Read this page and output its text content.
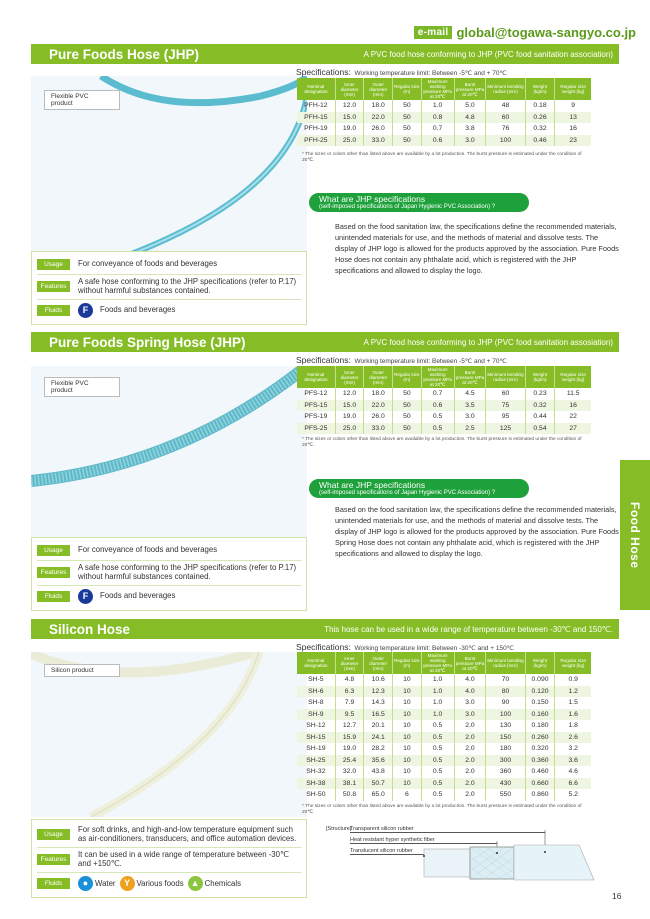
e-mail global@togawa-sangyo.co.jp
Pure Foods Hose (JHP)	A PVC food hose conforming to JHP (PVC food sanitation association)
Flexible PVC product
Usage	For conveyance of foods and beverages
Features
A safe hose conforming to the JHP specifications (refer to P.17) without harmful substances contained.
Fluids	F	Foods and beverages
Specifications: Working temperature limit: Between -5℃ and + 70℃
Nominal designation	Inner diameter (mm)	Outer diameter (mm)	Regular size (m)	Maximum working pressure MPa at 20℃	Burst pressure MPa at 20℃	Minimum bending radius (mm)	Weight (kg/m)	Regular size weight (kg)
PFH-12	12.0	18.0	50	1.0	5.0	48	0.18	9
PFH-15	15.0	22.0	50	0.8	4.8	60	0.26	13
PFH-19	19.0	26.0	50	0.7	3.8	76	0.32	16
PFH-25	25.0	33.0	50	0.6	3.0	100	0.46	23
* The sizes or colors other than listed above are available by a lot production. The burst pressure is estimated under the condition of 20℃.
What are JHP specifications
(self-imposed specifications of Japan Hygienic PVC Association) ?
Based on the food sanitation law, the specifications define the recommended materials, unintended materials for use, and the methods of material and dissolve tests. The display of JHP logo is allowed for the products approved by the association. Pure Foods Hose does not contain any phthalate acid, which is registered with the JHP specifications and allowed to display the logo.
Pure Foods Spring Hose (JHP)	A PVC food hose conforming to JHP (PVC food sanitation assosiation)
Flexible PVC product
Usage	For conveyance of foods and beverages
Features
A safe hose conforming to the JHP specifications (refer to P.17) without harmful substances contained.
Fluids	F	Foods and beverages
Specifications: Working temperature limit: Between -5℃ and + 70℃
Nominal designation	Inner diameter (mm)	Outer diameter (mm)	Regular size (m)	Maximum working pressure MPa at 20℃	Burst pressure MPa at 20℃	Minimum bending radius (mm)	Weight (kg/m)	Regular size weight (kg)
PFS-12	12.0	18.0	50	0.7	4.5	60	0.23	11.5
PFS-15	15.0	22.0	50	0.6	3.5	75	0.32	16
PFS-19	19.0	26.0	50	0.5	3.0	95	0.44	22
PFS-25	25.0	33.0	50	0.5	2.5	125	0.54	27
* The sizes or colors other than listed above are available by a lot production. The burst pressure is estimated under the condition of 20℃.
What are JHP specifications
(self-imposed specifications of Japan Hygienic PVC Association) ?
Based on the food sanitation law, the specifications define the recommended materials, unintended materials for use, and the methods of material and dissolve tests. The display of JHP logo is allowed for the products approved by the association. Pure Foods Spring Hose does not contain any phthalate acid, which is registered with the JHP specifications and allowed to display the logo.	Food Hose
Silicon Hose	This hose can be used in a wide range of temperature between -30℃ and 150℃.
Silicon product
Usage
For soft drinks, and high-and-low temperature equipment such as air-conditioners, transducers, and office automation devices.
Features
It can be used in a wide range of temperature between -30℃ and +150℃.
Fluids	● Water Y Various foods ▲ Chemicals
Specifications: Working temperature limit: Between -30℃ and + 150℃
Nominal designation	Inner diameter (mm)	Outer diameter (mm)	Regular size (m)	Maximum working pressure MPa at 20℃	Burst pressure MPa at 20℃	Minimum bending radius (mm)	Weight (kg/m)	Regular size weight (kg)
SH-5	4.8	10.6	10	1.0	4.0	70	0.090	0.9
SH-6	6.3	12.3	10	1.0	4.0	80	0.120	1.2
SH-8	7.9	14.3	10	1.0	3.0	90	0.150	1.5
SH-9	9.5	16.5	10	1.0	3.0	100	0.160	1.6
SH-12	12.7	20.1	10	0.5	2.0	130	0.180	1.8
SH-15	15.9	24.1	10	0.5	2.0	150	0.260	2.6
SH-19	19.0	28.2	10	0.5	2.0	180	0.320	3.2
SH-25	25.4	35.6	10	0.5	2.0	300	0.360	3.6
SH-32	32.0	43.8	10	0.5	2.0	360	0.460	4.6
SH-38	38.1	50.7	10	0.5	2.0	430	0.660	6.6
SH-50	50.8	65.0	6	0.5	2.0	550	0.860	5.2
* The sizes or colors other than listed above are available by a lot production. The burst pressure is estimated under the condition of 20℃.
[Structure]
Transparent silicon rubber
Heat resistant hyper synthetic fiber
Translucent silicon rubber
16
